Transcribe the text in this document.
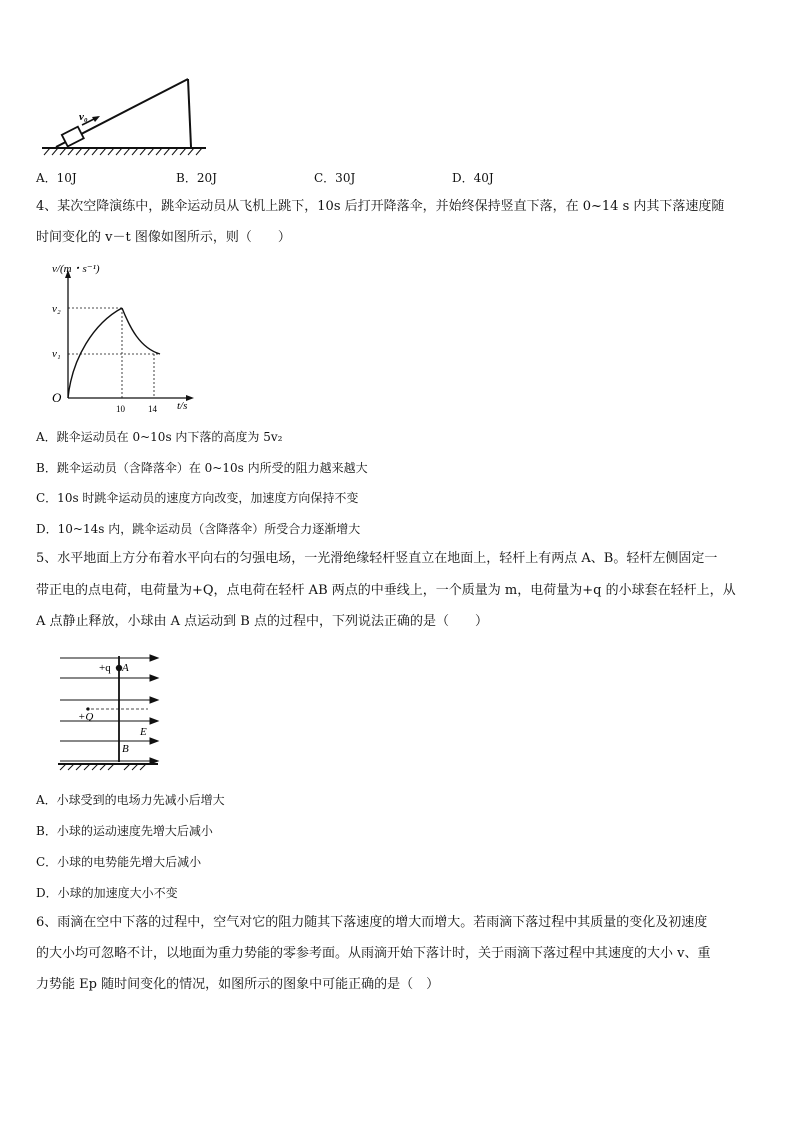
v₀
A．10J	B．20J	C．30J	D．40J
4、某次空降演练中，跳伞运动员从飞机上跳下，10s 后打开降落伞，并始终保持竖直下落，在 0~14 s 内其下落速度随
时间变化的 v－t 图像如图所示，则（　　）
v/(m・s⁻¹)
t/s
O
v₂
v₁
10	14
A．跳伞运动员在 0~10s 内下落的高度为 5v₂
B．跳伞运动员（含降落伞）在 0~10s 内所受的阻力越来越大
C．10s 时跳伞运动员的速度方向改变，加速度方向保持不变
D．10~14s 内，跳伞运动员（含降落伞）所受合力逐渐增大
5、水平地面上方分布着水平向右的匀强电场，一光滑绝缘轻杆竖直立在地面上，轻杆上有两点 A、B。轻杆左侧固定一
带正电的点电荷，电荷量为+Q，点电荷在轻杆 AB 两点的中垂线上，一个质量为 m，电荷量为+q 的小球套在轻杆上，从
A 点静止释放，小球由 A 点运动到 B 点的过程中，下列说法正确的是（　　）
+q A
+Q
E
B
A．小球受到的电场力先减小后增大
B．小球的运动速度先增大后减小
C．小球的电势能先增大后减小
D．小球的加速度大小不变
6、雨滴在空中下落的过程中，空气对它的阻力随其下落速度的增大而增大。若雨滴下落过程中其质量的变化及初速度
的大小均可忽略不计，以地面为重力势能的零参考面。从雨滴开始下落计时，关于雨滴下落过程中其速度的大小 v、重
力势能 Ep 随时间变化的情况，如图所示的图象中可能正确的是（　）
